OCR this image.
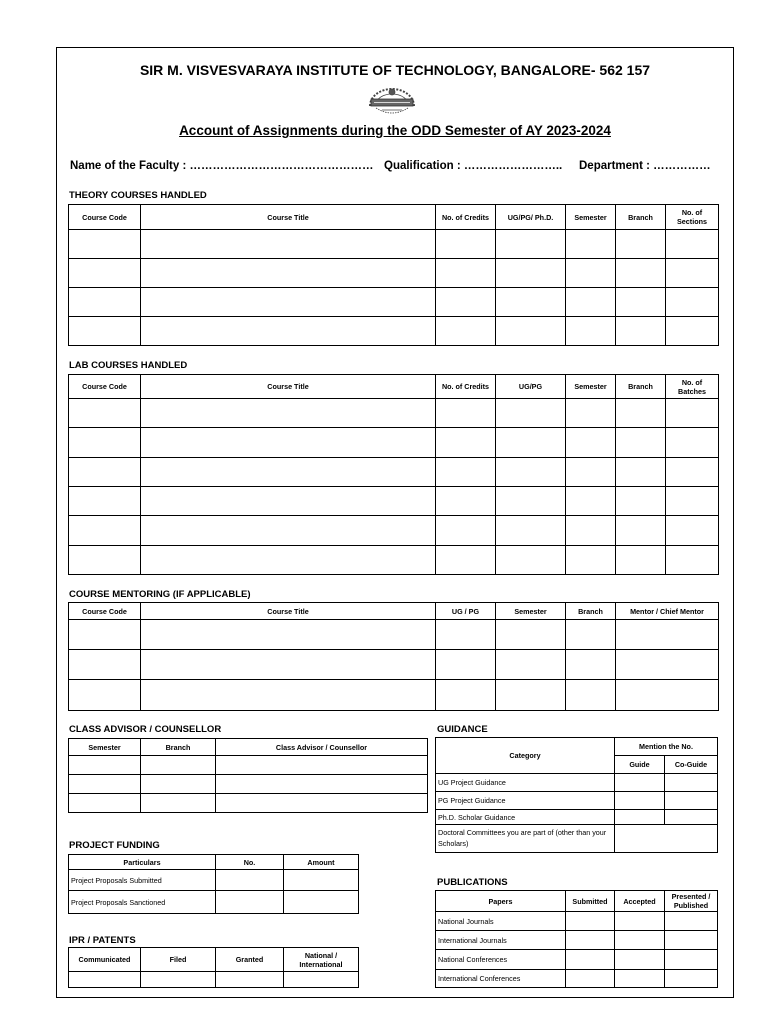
SIR M. VISVESVARAYA INSTITUTE OF TECHNOLOGY, BANGALORE- 562 157
Account of Assignments during the ODD Semester of AY 2023-2024
Name of the Faculty : ………………………………………… Qualification : …………………….. Department : ……………
THEORY COURSES HANDLED
Course Code	Course Title	No. of Credits	UG/PG/ Ph.D.	Semester	Branch	No. of Sections

LAB COURSES HANDLED
Course Code	Course Title	No. of Credits	UG/PG	Semester	Branch	No. of Batches

COURSE MENTORING (IF APPLICABLE)
Course Code	Course Title	UG / PG	Semester	Branch	Mentor / Chief Mentor

CLASS ADVISOR / COUNSELLOR
Semester	Branch	Class Advisor / Counsellor

GUIDANCE
Category	Mention the No.	
	Guide	Co-Guide
UG Project Guidance		
PG Project Guidance		
Ph.D. Scholar Guidance		
Doctoral Committees you are part of (other than your Scholars)		
PROJECT FUNDING
Particulars	No.	Amount
Project Proposals Submitted		
Project Proposals Sanctioned		
PUBLICATIONS
Papers	Submitted	Accepted	Presented / Published
National Journals			
International Journals			
National Conferences			
International Conferences			
IPR / PATENTS
Communicated	Filed	Granted	National / International
